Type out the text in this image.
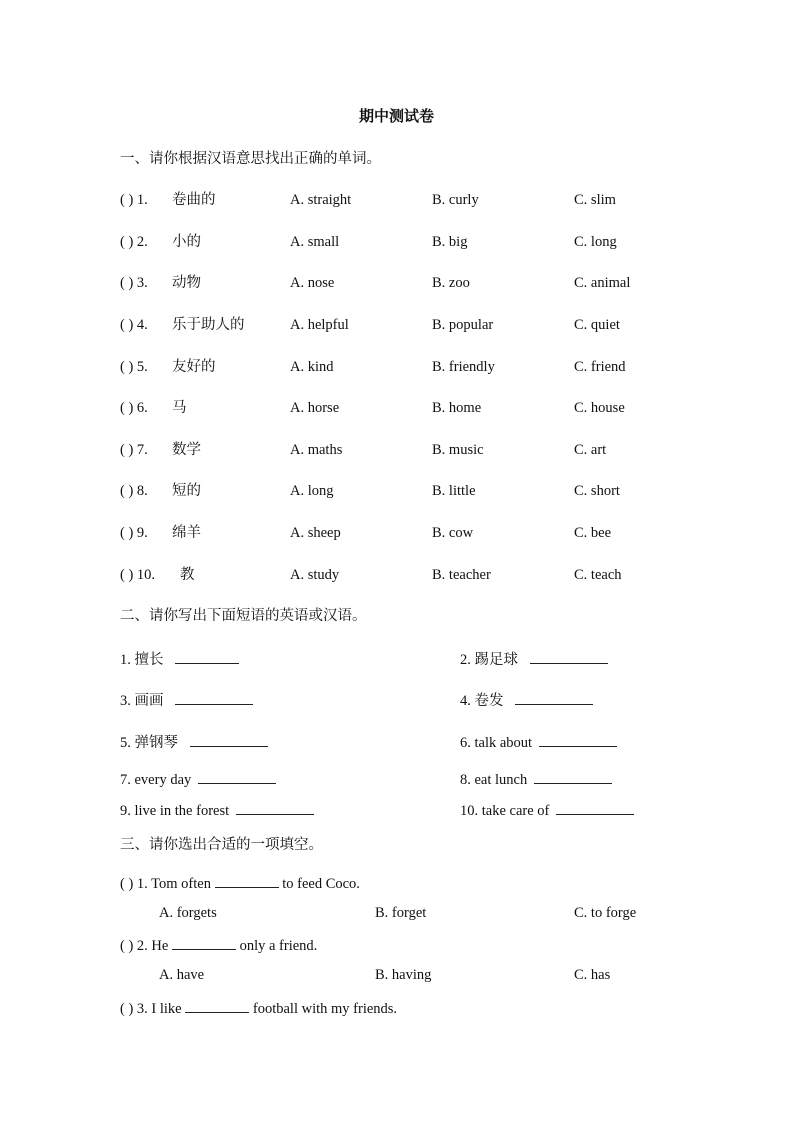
期中测试卷
一、请你根据汉语意思找出正确的单词。
( ) 1. 卷曲的	A. straight	B. curly	C. slim
( ) 2. 小的	A. small	B. big	C. long
( ) 3. 动物	A. nose	B. zoo	C. animal
( ) 4. 乐于助人的	A. helpful	B. popular	C. quiet
( ) 5. 友好的	A. kind	B. friendly	C. friend
( ) 6. 马	A. horse	B. home	C. house
( ) 7. 数学	A. maths	B. music	C. art
( ) 8. 短的	A. long	B. little	C. short
( ) 9. 绵羊	A. sheep	B. cow	C. bee
( ) 10. 教	A. study	B. teacher	C. teach
二、请你写出下面短语的英语或汉语。
1. 擅长	2. 踢足球
3. 画画	4. 卷发
5. 弹钢琴	6. talk about
7. every day	8. eat lunch
9. live in the forest	10. take care of
三、请你选出合适的一项填空。
( ) 1. Tom often	to feed Coco.
A. forgets	B. forget	C. to forge
( ) 2. He	only a friend.
A. have	B. having	C. has
( ) 3. I like	football with my friends.
